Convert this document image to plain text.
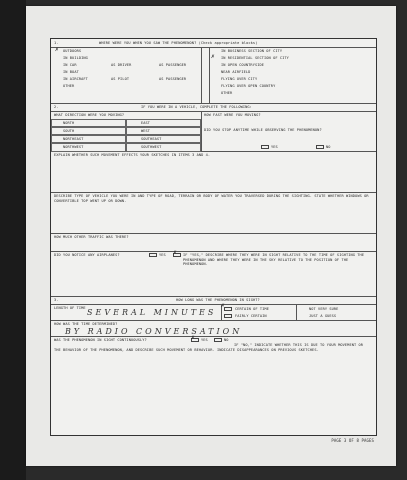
1.	WHERE WERE YOU WHEN YOU SAW THE PHENOMENON? (Check appropriate blocks)
OUTDOORS
✗
IN BUILDING
IN CAR	AS DRIVER	AS PASSENGER
IN BOAT
IN AIRCRAFT	AS PILOT	AS PASSENGER
OTHER
IN BUSINESS SECTION OF CITY
IN RESIDENTIAL SECTION OF CITY
✗
IN OPEN COUNTRYSIDE
NEAR AIRFIELD
FLYING OVER CITY
FLYING OVER OPEN COUNTRY
OTHER
2.	IF YOU WERE IN A VEHICLE, COMPLETE THE FOLLOWING:
WHAT DIRECTION WERE YOU MOVING?	HOW FAST WERE YOU MOVING?
NORTH	EAST
SOUTH	WEST
NORTHEAST	SOUTHEAST
NORTHWEST	SOUTHWEST
DID YOU STOP ANYTIME WHILE OBSERVING THE PHENOMENON?
YES	NO
EXPLAIN WHETHER SUCH MOVEMENT EFFECTS YOUR SKETCHES IN ITEMS 3 AND 4.
DESCRIBE TYPE OF VEHICLE YOU WERE IN AND TYPE OF ROAD, TERRAIN OR BODY OF WATER YOU TRAVERSED DURING THE SIGHTING. STATE WHETHER WINDOWS OR CONVERTIBLE TOP WENT UP OR DOWN.
HOW MUCH OTHER TRAFFIC WAS THERE?
DID YOU NOTICE ANY AIRPLANES?	YES ✗ IF "YES," DESCRIBE WHERE THEY WERE IN SIGHT RELATIVE TO THE TIME OF SIGHTING THE PHENOMENON AND WHERE THEY WERE IN THE SKY RELATIVE TO THE POSITION OF THE PHENOMENON.
3.	HOW LONG WAS THE PHENOMENON IN SIGHT?
LENGTH OF TIME SEVERAL MINUTES
✗	CERTAIN OF TIME
FAIRLY CERTAIN
NOT VERY SURE
JUST A GUESS
HOW WAS THE TIME DETERMINED?
BY RADIO CONVERSATION
WAS THE PHENOMENON IN SIGHT CONTINUOUSLY?	✗ YES	NO
IF "NO," INDICATE WHETHER THIS IS DUE TO YOUR MOVEMENT OR THE BEHAVIOR OF THE PHENOMENON, AND DESCRIBE SUCH MOVEMENT OR BEHAVIOR. INDICATE DISAPPEARANCES ON PREVIOUS SKETCHES.
PAGE 3 OF 8 PAGES
